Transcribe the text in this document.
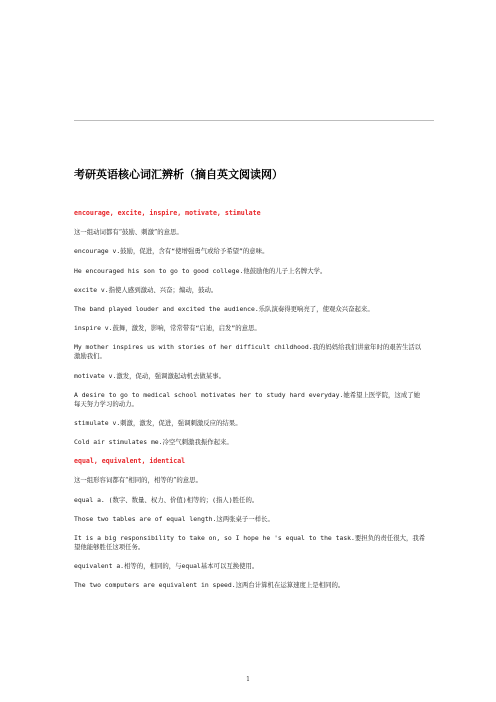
考研英语核心词汇辨析（摘自英文阅读网）
encourage, excite, inspire, motivate, stimulate
这一组动词都有“鼓励、刺激”的意思。
encourage v.鼓励，促进，含有“使增强勇气或给予希望”的意味。
He encouraged his son to go to good college.他鼓励他的儿子上名牌大学。
excite v.指使人感到激动、兴奋；煽动，鼓动。
The band played louder and excited the audience.乐队演奏得更响亮了，使观众兴奋起来。
inspire v.鼓舞，激发，影响，常常带有“启迪，启发”的意思。
My mother inspires us with stories of her difficult childhood.我的妈妈给我们讲童年时的艰苦生活以激励我们。
motivate v.激发，促动，强调激起动机去做某事。
A desire to go to medical school motivates her to study hard everyday.她希望上医学院，这成了她每天努力学习的动力。
stimulate v.刺激，激发，促进，强调刺激反应的结果。
Cold air stimulates me.冷空气刺激我振作起来。
equal, equivalent, identical
这一组形容词都有“相同的，相等的”的意思。
equal a. (数字、数量、权力、价值)相等的；(指人)胜任的。
Those two tables are of equal length.这两张桌子一样长。
It is a big responsibility to take on, so I hope he 's equal to the task.要担负的责任很大，我希望他能够胜任这项任务。
equivalent a.相等的，相同的，与equal基本可以互换使用。
The two computers are equivalent in speed.这两台计算机在运算速度上是相同的。
1
